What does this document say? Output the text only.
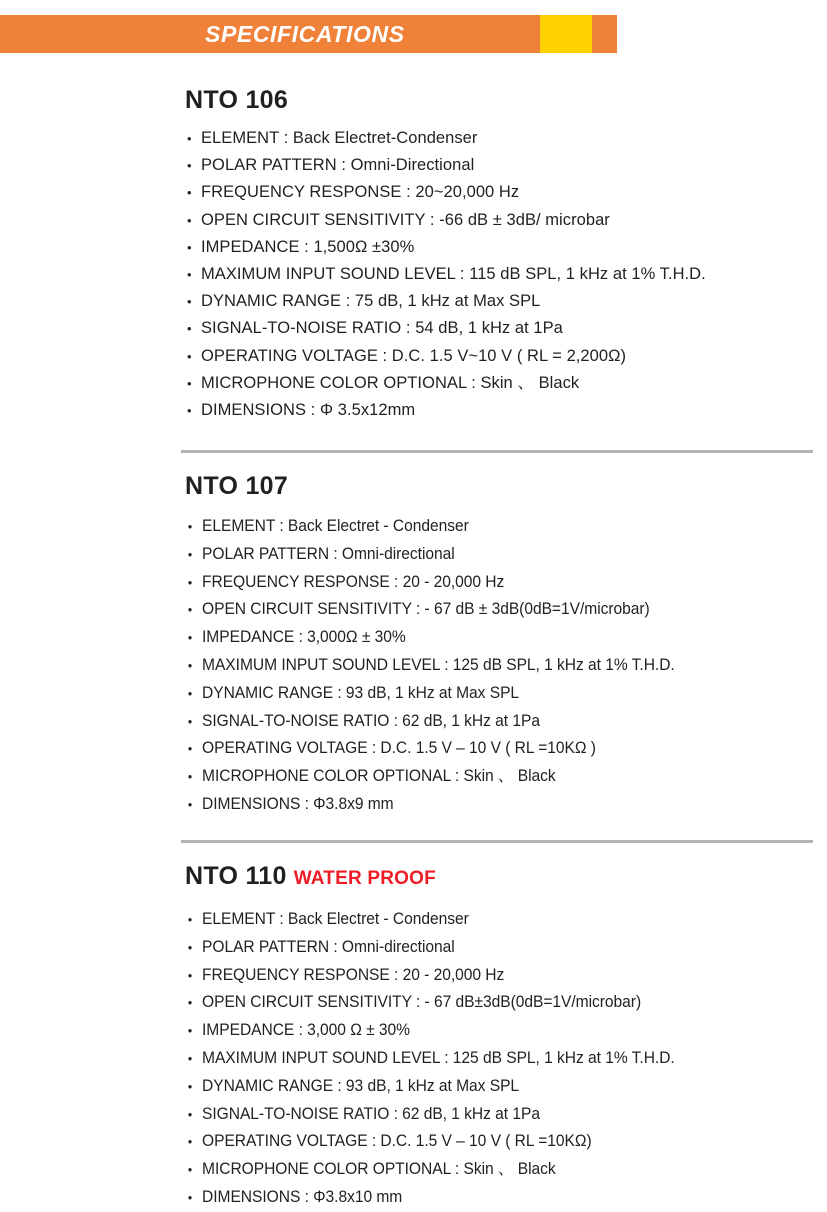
SPECIFICATIONS
NTO 106
• ELEMENT : Back Electret-Condenser
• POLAR PATTERN : Omni-Directional
• FREQUENCY RESPONSE : 20~20,000 Hz
• OPEN CIRCUIT SENSITIVITY : -66 dB ± 3dB/ microbar
• IMPEDANCE : 1,500Ω ±30%
• MAXIMUM INPUT SOUND LEVEL : 115 dB SPL, 1 kHz at 1% T.H.D.
• DYNAMIC RANGE : 75 dB, 1 kHz at Max SPL
• SIGNAL-TO-NOISE RATIO : 54 dB, 1 kHz at 1Pa
• OPERATING VOLTAGE : D.C. 1.5 V~10 V ( RL = 2,200Ω)
• MICROPHONE COLOR OPTIONAL : Skin 、 Black
• DIMENSIONS : Φ 3.5x12mm
NTO 107
• ELEMENT : Back Electret - Condenser
• POLAR PATTERN : Omni-directional
• FREQUENCY RESPONSE : 20 - 20,000 Hz
• OPEN CIRCUIT SENSITIVITY : - 67 dB ± 3dB(0dB=1V/microbar)
• IMPEDANCE : 3,000Ω ± 30%
• MAXIMUM INPUT SOUND LEVEL : 125 dB SPL, 1 kHz at 1% T.H.D.
• DYNAMIC RANGE : 93 dB, 1 kHz at Max SPL
• SIGNAL-TO-NOISE RATIO : 62 dB, 1 kHz at 1Pa
• OPERATING VOLTAGE : D.C. 1.5 V – 10 V ( RL =10KΩ )
• MICROPHONE COLOR OPTIONAL : Skin 、 Black
• DIMENSIONS : Φ3.8x9 mm
NTO 110 WATER PROOF
• ELEMENT : Back Electret - Condenser
• POLAR PATTERN : Omni-directional
• FREQUENCY RESPONSE : 20 - 20,000 Hz
• OPEN CIRCUIT SENSITIVITY : - 67 dB±3dB(0dB=1V/microbar)
• IMPEDANCE : 3,000 Ω ± 30%
• MAXIMUM INPUT SOUND LEVEL : 125 dB SPL, 1 kHz at 1% T.H.D.
• DYNAMIC RANGE : 93 dB, 1 kHz at Max SPL
• SIGNAL-TO-NOISE RATIO : 62 dB, 1 kHz at 1Pa
• OPERATING VOLTAGE : D.C. 1.5 V – 10 V ( RL =10KΩ)
• MICROPHONE COLOR OPTIONAL : Skin 、 Black
• DIMENSIONS : Φ3.8x10 mm
